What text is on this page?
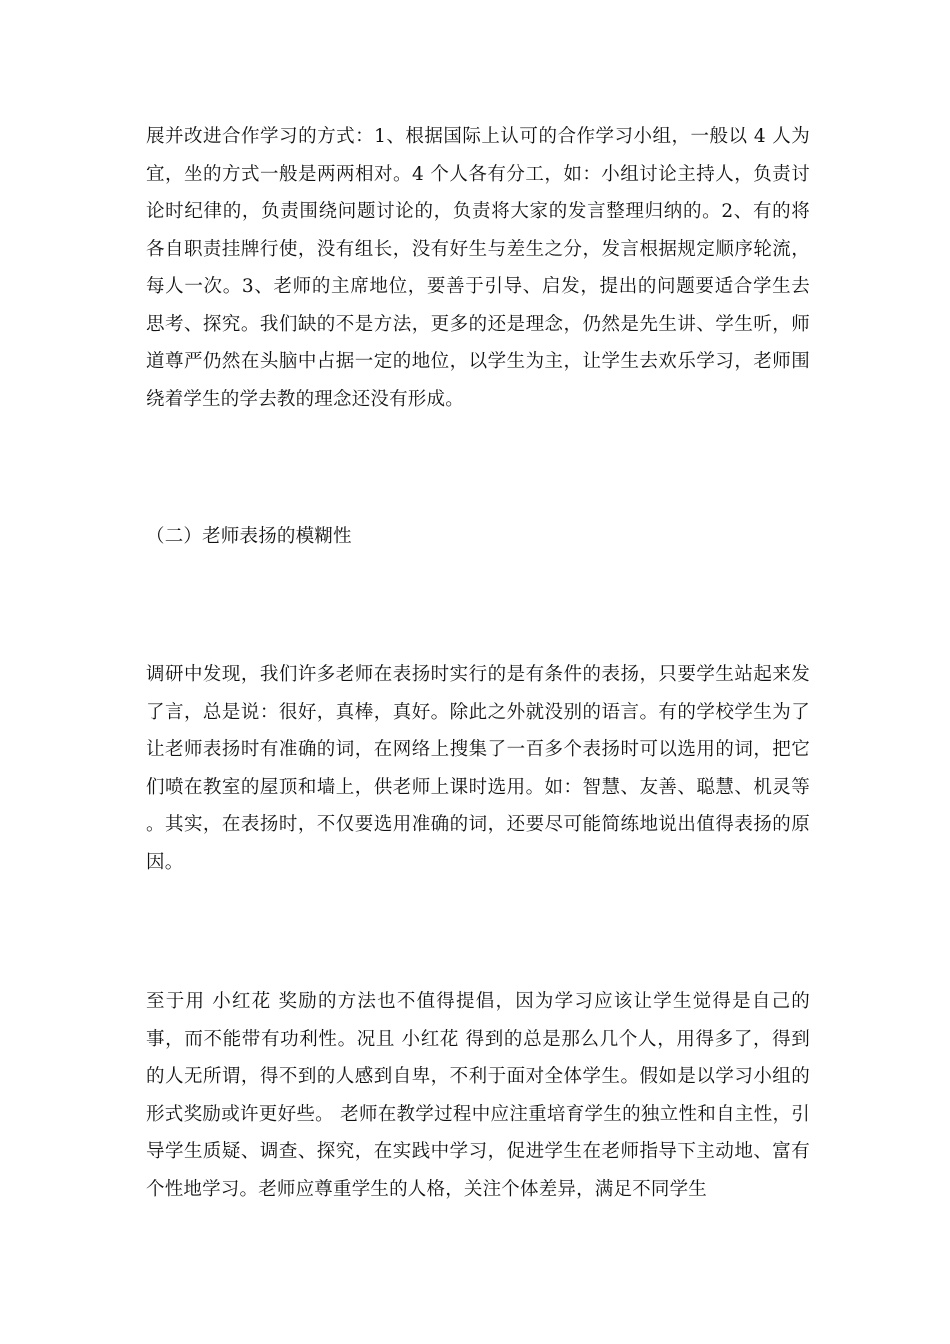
展并改进合作学习的方式：1、根据国际上认可的合作学习小组，一般以 4 人为宜，坐的方式一般是两两相对。4 个人各有分工，如：小组讨论主持人，负责讨论时纪律的，负责围绕问题讨论的，负责将大家的发言整理归纳的。2、有的将各自职责挂牌行使，没有组长，没有好生与差生之分，发言根据规定顺序轮流，每人一次。3、老师的主席地位，要善于引导、启发，提出的问题要适合学生去思考、探究。我们缺的不是方法，更多的还是理念，仍然是先生讲、学生听，师道尊严仍然在头脑中占据一定的地位，以学生为主，让学生去欢乐学习，老师围绕着学生的学去教的理念还没有形成。

（二）老师表扬的模糊性

调研中发现，我们许多老师在表扬时实行的是有条件的表扬，只要学生站起来发了言，总是说：很好，真棒，真好。除此之外就没别的语言。有的学校学生为了让老师表扬时有准确的词，在网络上搜集了一百多个表扬时可以选用的词，把它们喷在教室的屋顶和墙上，供老师上课时选用。如：智慧、友善、聪慧、机灵等 。其实，在表扬时，不仅要选用准确的词，还要尽可能简练地说出值得表扬的原因。

至于用 小红花 奖励的方法也不值得提倡，因为学习应该让学生觉得是自己的事，而不能带有功利性。况且 小红花 得到的总是那么几个人，用得多了，得到的人无所谓，得不到的人感到自卑，不利于面对全体学生。假如是以学习小组的形式奖励或许更好些。 老师在教学过程中应注重培育学生的独立性和自主性，引导学生质疑、调查、探究，在实践中学习，促进学生在老师指导下主动地、富有个性地学习。老师应尊重学生的人格，关注个体差异，满足不同学生
